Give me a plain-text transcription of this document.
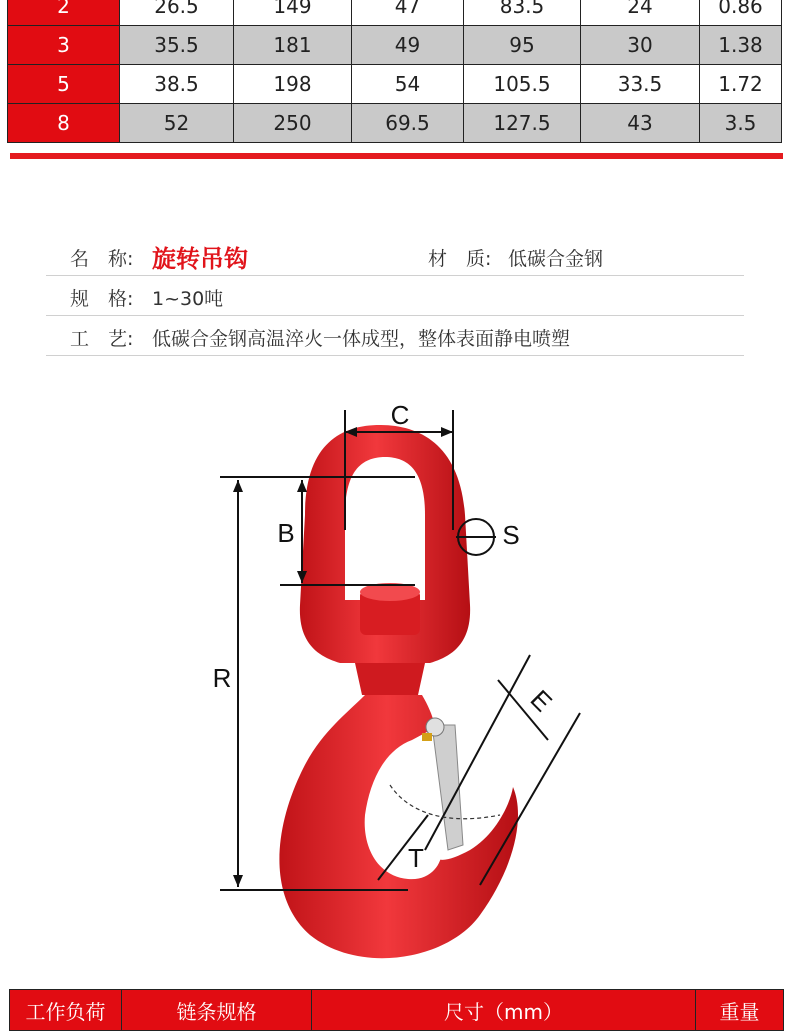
2	26.5	149	47	83.5	24	0.86
3	35.5	181	49	95	30	1.38
5	38.5	198	54	105.5	33.5	1.72
8	52	250	69.5	127.5	43	3.5
名　称: 旋转吊钩	材　质: 低碳合金钢
规　格: 1~30吨
工　艺: 低碳合金钢高温淬火一体成型，整体表面静电喷塑
C
B	S
R
E
T
工作负荷	链条规格	尺寸（mm）	重量
